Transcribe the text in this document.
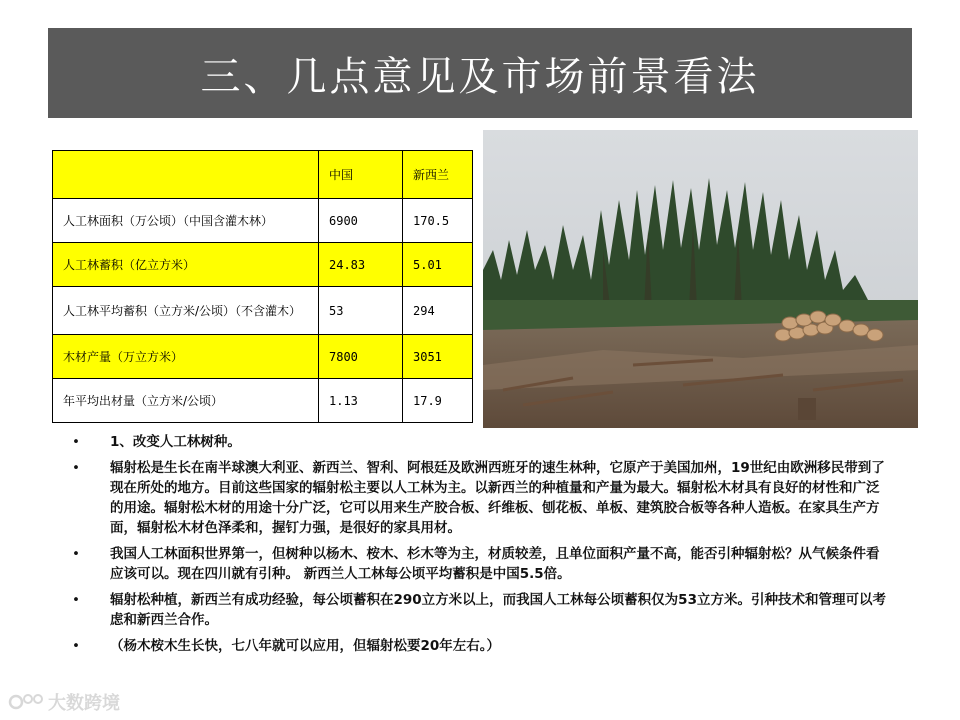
三、几点意见及市场前景看法
	中国	新西兰
人工林面积（万公顷）（中国含灌木林）	6900	170.5
人工林蓄积（亿立方米）	24.83	5.01
人工林平均蓄积（立方米/公顷）（不含灌木）	53	294
木材产量（万立方米）	7800	3051
年平均出材量（立方米/公顷）	1.13	17.9
• 1、改变人工林树种。
• 辐射松是生长在南半球澳大利亚、新西兰、智利、阿根廷及欧洲西班牙的速生林种，它原产于美国加州，19世纪由欧洲移民带到了现在所处的地方。目前这些国家的辐射松主要以人工林为主。以新西兰的种植量和产量为最大。辐射松木材具有良好的材性和广泛的用途。辐射松木材的用途十分广泛，它可以用来生产胶合板、纤维板、刨花板、单板、建筑胶合板等各种人造板。在家具生产方面，辐射松木材色泽柔和，握钉力强，是很好的家具用材。
• 我国人工林面积世界第一，但树种以杨木、桉木、杉木等为主，材质较差，且单位面积产量不高，能否引种辐射松？从气候条件看应该可以。现在四川就有引种。 新西兰人工林每公顷平均蓄积是中国5.5倍。
• 辐射松种植，新西兰有成功经验，每公顷蓄积在290立方米以上，而我国人工林每公顷蓄积仅为53立方米。引种技术和管理可以考虑和新西兰合作。
• （杨木桉木生长快，七八年就可以应用，但辐射松要20年左右。）
大数跨境
